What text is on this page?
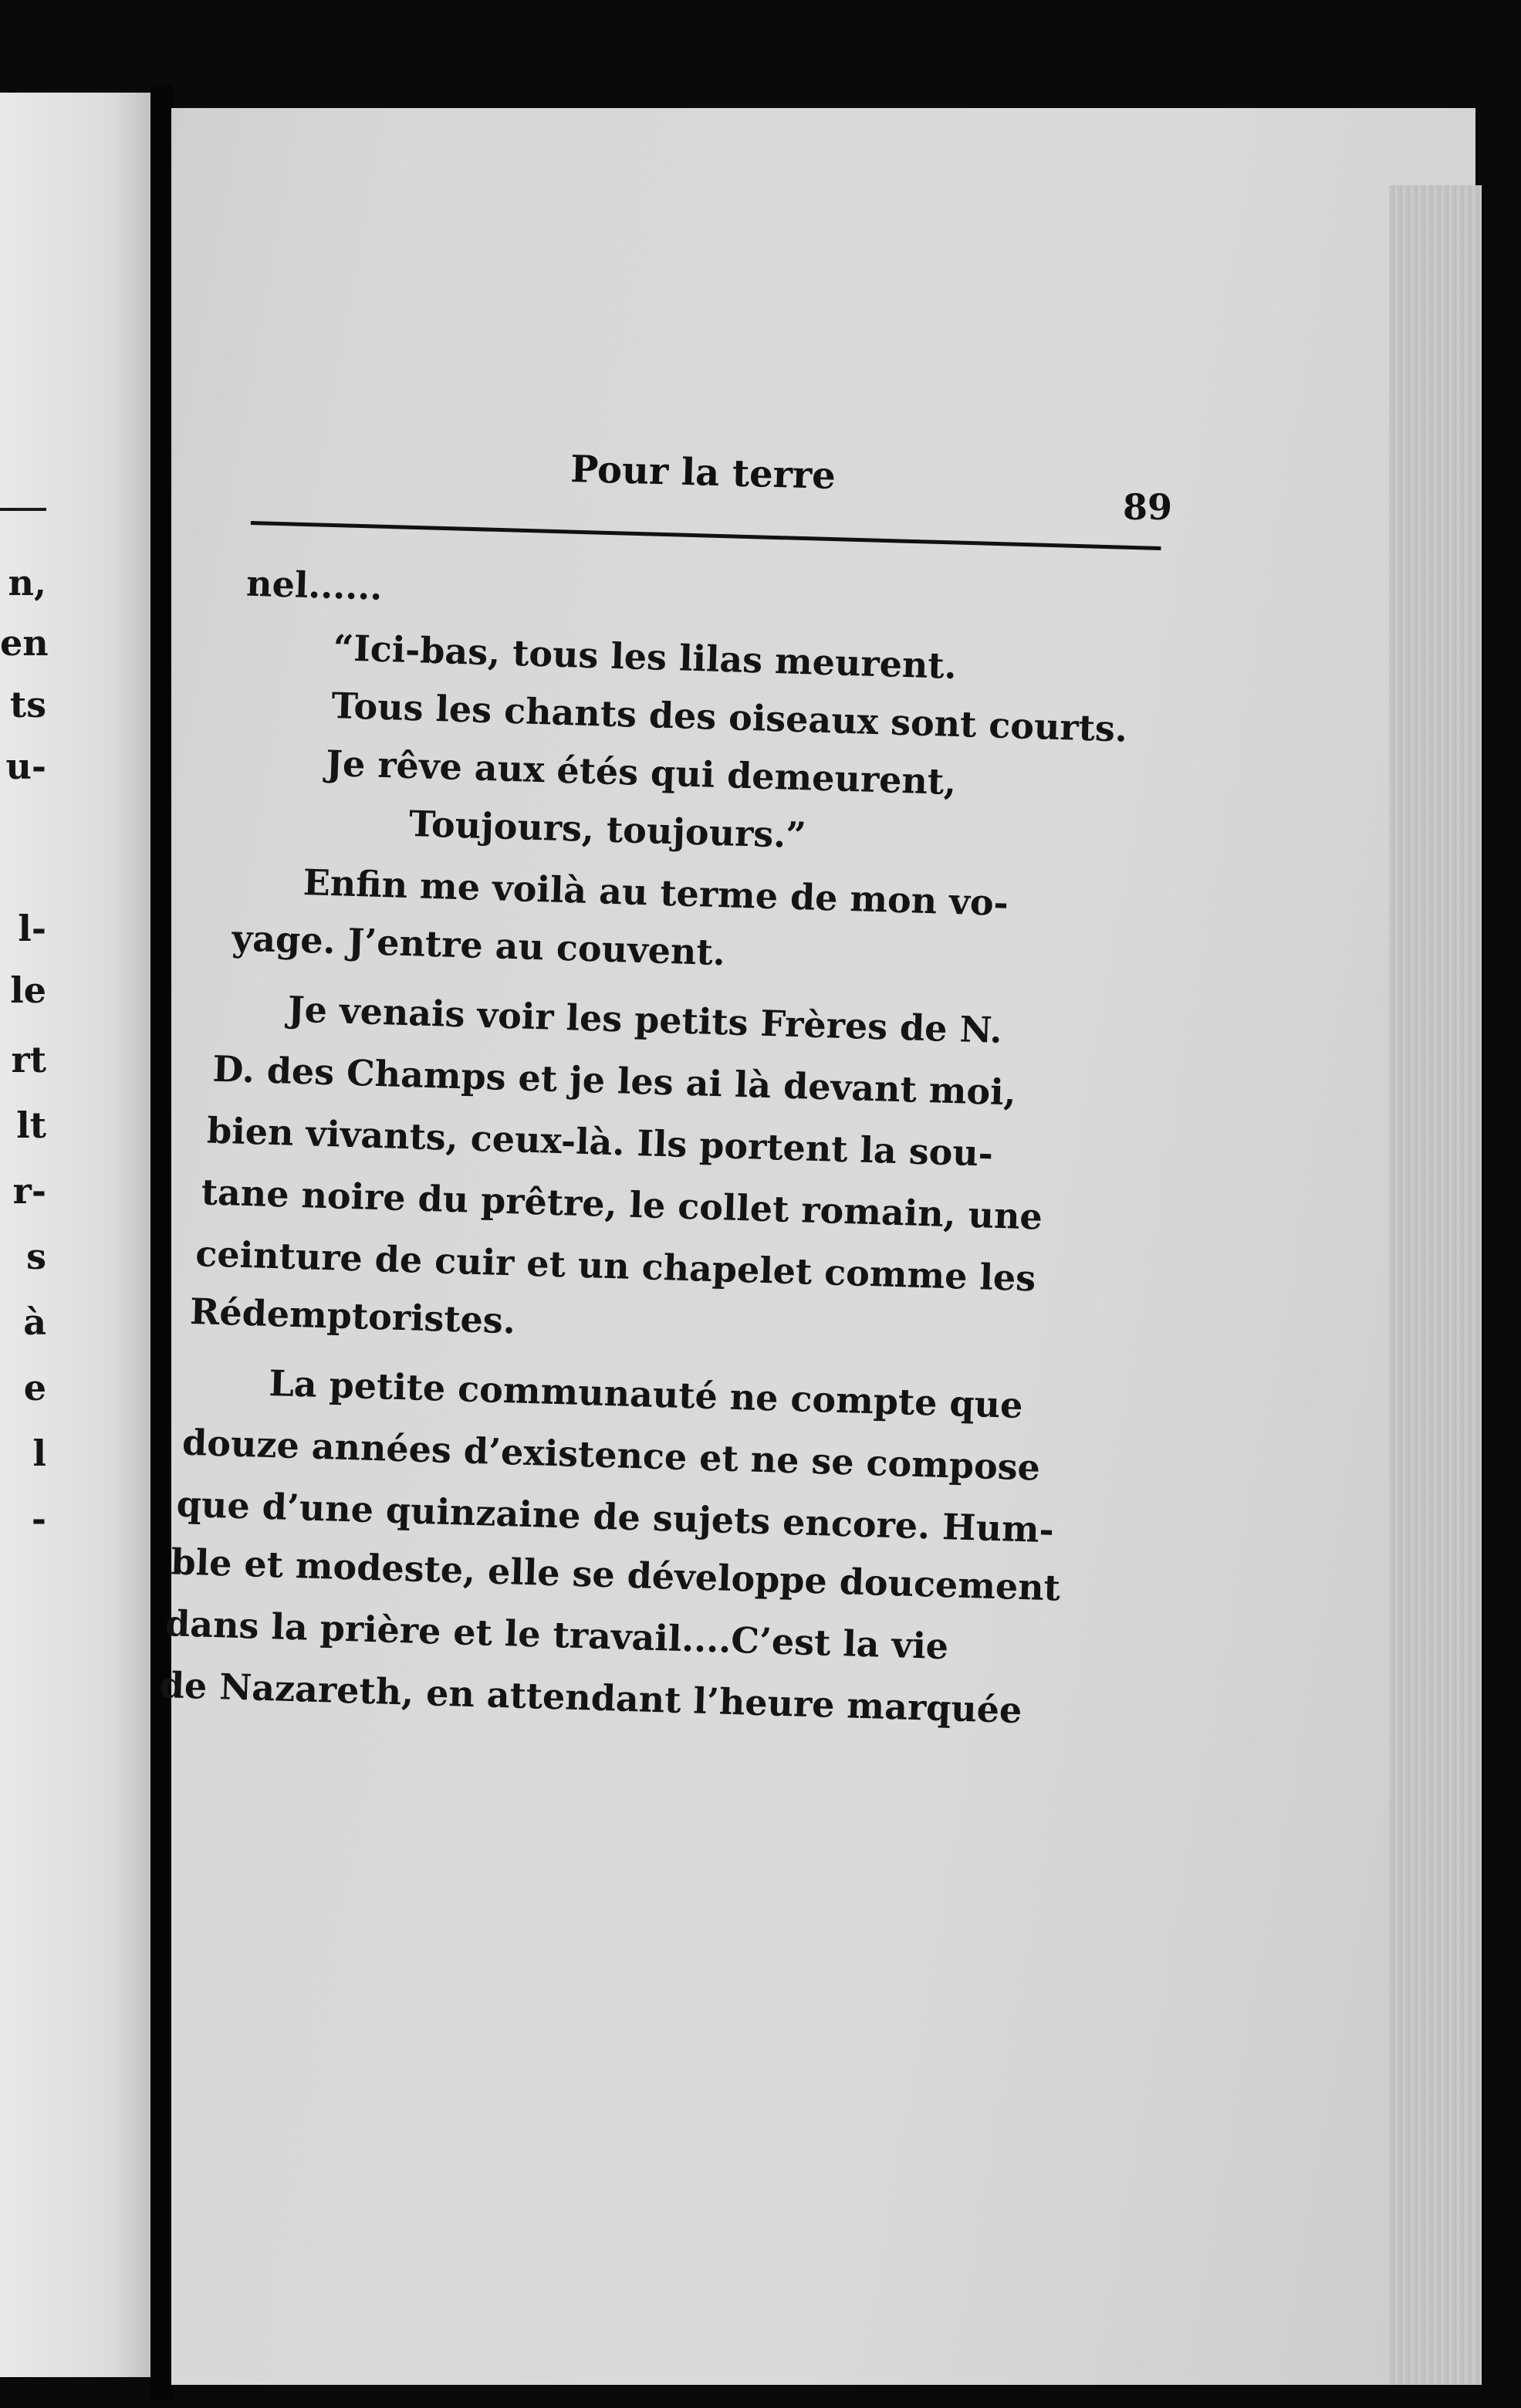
n,
en
ts
u-
l-
le
rt
lt
r-
s
à
e
l
-
Pour la terre
89
nel......
“Ici-bas, tous les lilas meurent.
Tous les chants des oiseaux sont courts.
Je rêve aux étés qui demeurent,
Toujours, toujours.”
Enfin me voilà au terme de mon vo-
yage. J’entre au couvent.
Je venais voir les petits Frères de N.
D. des Champs et je les ai là devant moi,
bien vivants, ceux-là. Ils portent la sou-
tane noire du prêtre, le collet romain, une
ceinture de cuir et un chapelet comme les
Rédemptoristes.
La petite communauté ne compte que
douze années d’existence et ne se compose
que d’une quinzaine de sujets encore. Hum-
ble et modeste, elle se développe doucement
dans la prière et le travail....C’est la vie
de Nazareth, en attendant l’heure marquée
